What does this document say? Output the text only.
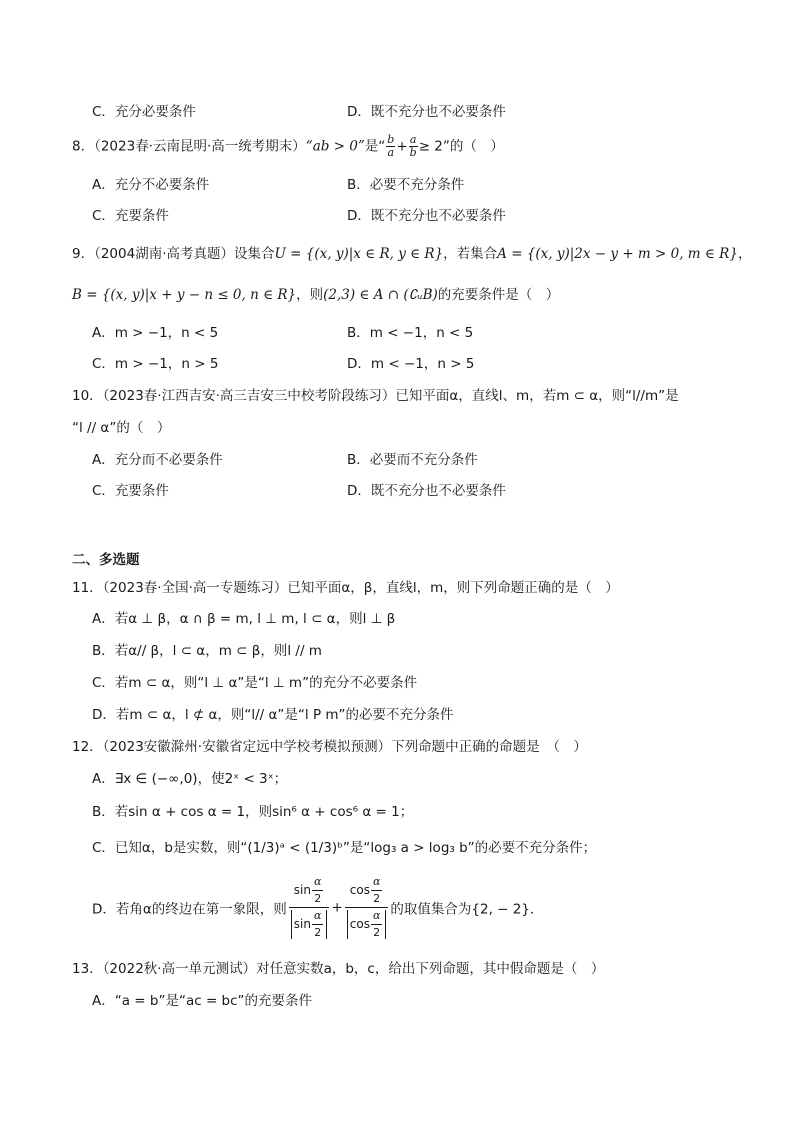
C．充分必要条件	D．既不充分也不必要条件
8．（2023春·云南昆明·高一统考期末）“ab > 0”是“ $\frac{b}{a} + \frac{a}{b} \ge 2$”的（　）
A．充分不必要条件	B．必要不充分条件
C．充要条件	D．既不充分也不必要条件
9．（2004湖南·高考真题）设集合U = {(x, y)|x ∈ R, y ∈ R}，若集合A = {(x, y)|2x − y + m > 0, m ∈ R}，
B = {(x, y)|x + y − n ≤ 0, n ∈ R}，则(2,3) ∈ A ∩ (∁ᵤB)的充要条件是（　）
A．m > −1，n < 5	B．m < −1，n < 5
C．m > −1，n > 5	D．m < −1，n > 5
10．（2023春·江西吉安·高三吉安三中校考阶段练习）已知平面α，直线l、m，若m ⊂ α，则“l//m”是
“l // α”的（　）
A．充分而不必要条件	B．必要而不充分条件
C．充要条件	D．既不充分也不必要条件
二、多选题
11．（2023春·全国·高一专题练习）已知平面α，β，直线l，m，则下列命题正确的是（　）
A．若α ⊥ β，α ∩ β = m, l ⊥ m, l ⊂ α，则l ⊥ β
B．若α// β，l ⊂ α，m ⊂ β，则l // m
C．若m ⊂ α，则“l ⊥ α”是“l ⊥ m”的充分不必要条件
D．若m ⊂ α，l ⊄ α，则“l// α”是“l P m”的必要不充分条件
12．（2023安徽滁州·安徽省定远中学校考模拟预测）下列命题中正确的命题是　（　）
A．∃x ∈ (−∞,0)，使2ˣ < 3ˣ；
B．若sin α + cos α = 1，则sin⁶ α + cos⁶ α = 1；
C．已知α，b是实数，则“(1/3)ᵃ < (1/3)ᵇ”是“log₃ a > log₃ b”的必要不充分条件；
D．若角α的终边在第一象限，则 $\frac{\sin \frac{\alpha}{2}}{\sin \frac{\alpha}{2}} + \frac{\cos \frac{\alpha}{2}}{\cos \frac{\alpha}{2}}$ 的取值集合为{2, − 2}．
13．（2022秋·高一单元测试）对任意实数a，b，c，给出下列命题，其中假命题是（　）
A．“a = b”是“ac = bc”的充要条件
